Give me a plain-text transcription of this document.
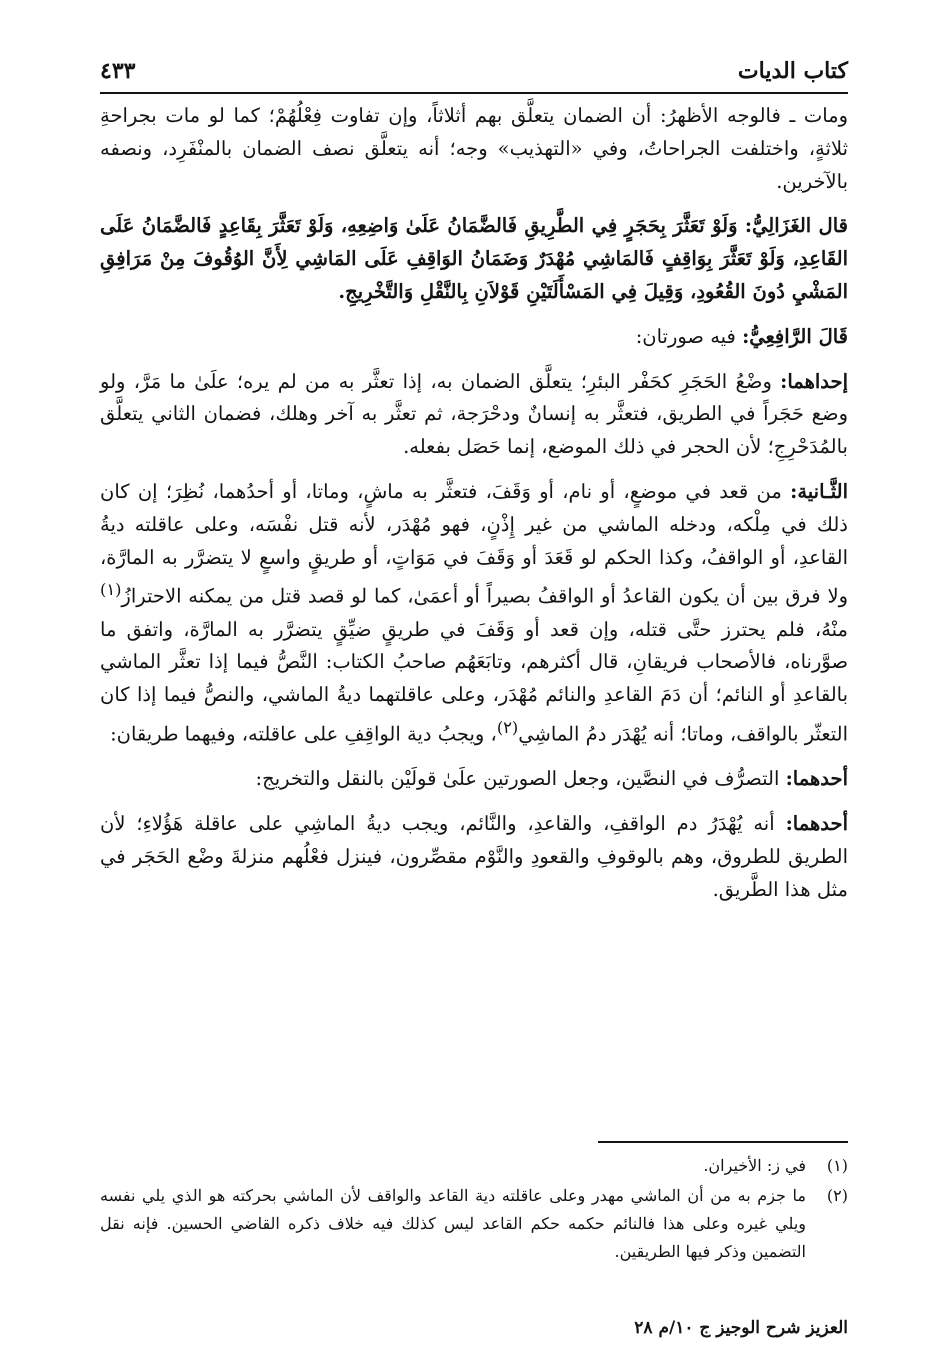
كتاب الديات
٤٣٣

ومات ـ فالوجه الأظهرُ: أن الضمان يتعلَّق بهم أثلاثاً، وإن تفاوت فِعْلُهُمْ؛ كما لو مات بجراحةِ ثلاثةٍ، واختلفت الجراحاتُ، وفي «التهذيب» وجه؛ أنه يتعلَّق نصف الضمان بالمنْفَرِد، ونصفه بالآخرين.

قال الغَزَالِيُّ: وَلَوْ تَعَثَّرَ بِحَجَرٍ فِي الطَّرِيقِ فَالضَّمَانُ عَلَىٰ وَاضِعِهِ، وَلَوْ تَعَثَّرَ بِقَاعِدٍ فَالضَّمَانُ عَلَى القَاعِدِ، وَلَوْ تَعَثَّرَ بِوَاقِفٍ فَالمَاشِي مُهْدَرٌ وَضَمَانُ الوَاقِفِ عَلَى المَاشِي لِأَنَّ الوُقُوفَ مِنْ مَرَافِقِ المَشْيِ دُونَ القُعُودِ، وَقِيلَ فِي المَسْأَلَتَيْنِ قَوْلاَنِ بِالنَّقْلِ وَالتَّخْرِيجِ.

قَالَ الرَّافِعِيُّ: فيه صورتان:

إحداهما: وضْعُ الحَجَرِ كحَفْر البئرِ؛ يتعلَّق الضمان به، إذا تعثَّر به من لم يره؛ علَىٰ ما مَرَّ، ولو وضع حَجَراً في الطريق، فتعثَّر به إنسانٌ ودحْرَجة، ثم تعثَّر به آخر وهلك، فضمان الثاني يتعلَّق بالمُدَحْرِجِ؛ لأن الحجر في ذلك الموضع، إنما حَصَل بفعله.

الثَّـانية: من قعد في موضعٍ، أو نام، أو وَقَفَ، فتعثَّر به ماشٍ، وماتا، أو أحدُهما، نُظِرَ؛ إن كان ذلك في مِلْكه، ودخله الماشي من غير إِذْنٍ، فهو مُهْدَر، لأنه قتل نفْسَه، وعلى عاقلته ديةُ القاعدِ، أو الواقفُ، وكذا الحكم لو قَعَدَ أو وَقَفَ في مَوَاتٍ، أو طريقٍ واسعٍ لا يتضرَّر به المارَّة، ولا فرق بين أن يكون القاعدُ أو الواقفُ بصيراً أو أعمَىٰ، كما لو قصد قتل من يمكنه الاحترازُ$^{(١)}$ منْهُ، فلم يحترز حتَّى قتله، وإن قعد أو وَقَفَ في طريقٍ ضيِّقٍ يتضرَّر به المارَّة، واتفق ما صوَّرناه، فالأصحاب فريقانِ، قال أكثرهم، وتابَعَهُم صاحبُ الكتاب: النَّصُّ فيما إذا تعثَّر الماشي بالقاعدِ أو النائم؛ أن دَمَ القاعدِ والنائم مُهْدَر، وعلى عاقلتهما ديةُ الماشي، والنصُّ فيما إذا كان التعثّر بالواقف، وماتا؛ أنه يُهْدَر دمُ الماشِي$^{(٢)}$، ويجبُ دية الواقِفِ على عاقلته، وفيهما طريقان:

أحدهما: التصرُّف في النصَّين، وجعل الصورتين علَىٰ قولَيْن بالنقل والتخريج:

أحدهما: أنه يُهْدَرُ دم الواقفِ، والقاعدِ، والنَّائم، ويجب ديةُ الماشِي على عاقلة هَؤُلاءِ؛ لأن الطريق للطروق، وهم بالوقوفِ والقعودِ والنَّوْم مقصِّرون، فينزل فعْلُهم منزلةَ وضْع الحَجَر في مثل هذا الطَّريق.

(١)
في ز: الأخيران.
(٢)
ما جزم به من أن الماشي مهدر وعلى عاقلته دية القاعد والواقف لأن الماشي بحركته هو الذي يلي نفسه ويلي غيره وعلى هذا فالنائم حكمه حكم القاعد ليس كذلك فيه خلاف ذكره القاضي الحسين. فإنه نقل التضمين وذكر فيها الطريقين.
العزيز شرح الوجيز ج ١٠/م ٢٨
